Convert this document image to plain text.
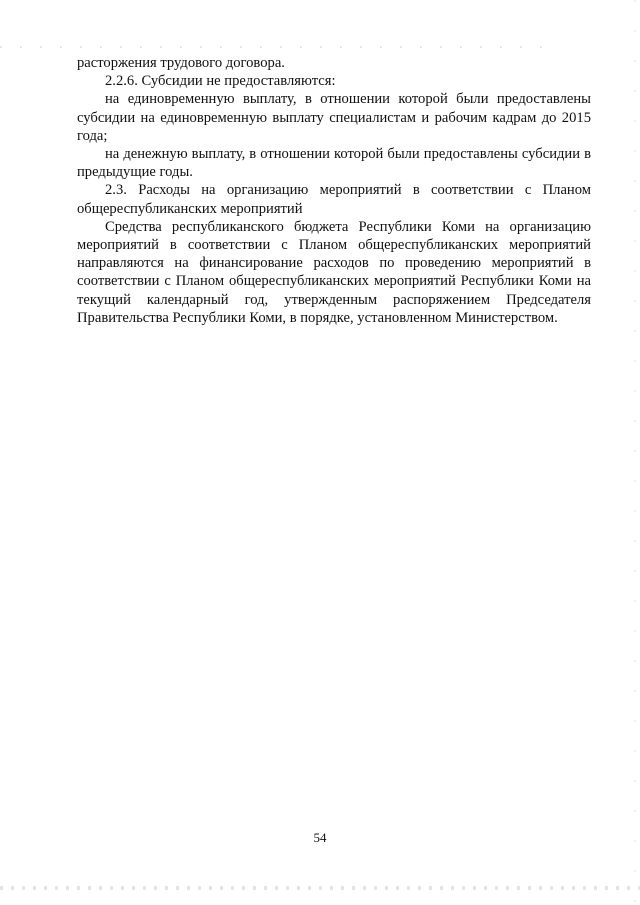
расторжения трудового договора.

2.2.6. Субсидии не предоставляются:

на единовременную выплату, в отношении которой были предоставлены субсидии на единовременную выплату специалистам и рабочим кадрам до 2015 года;

на денежную выплату, в отношении которой были предоставлены субсидии в предыдущие годы.

2.3. Расходы на организацию мероприятий в соответствии с Планом общереспубликанских мероприятий

Средства республиканского бюджета Республики Коми на организацию мероприятий в соответствии с Планом общереспубликанских мероприятий направляются на финансирование расходов по проведению мероприятий в соответствии с Планом общереспубликанских мероприятий Республики Коми на текущий календарный год, утвержденным распоряжением Председателя Правительства Республики Коми, в порядке, установленном Министерством.

54
